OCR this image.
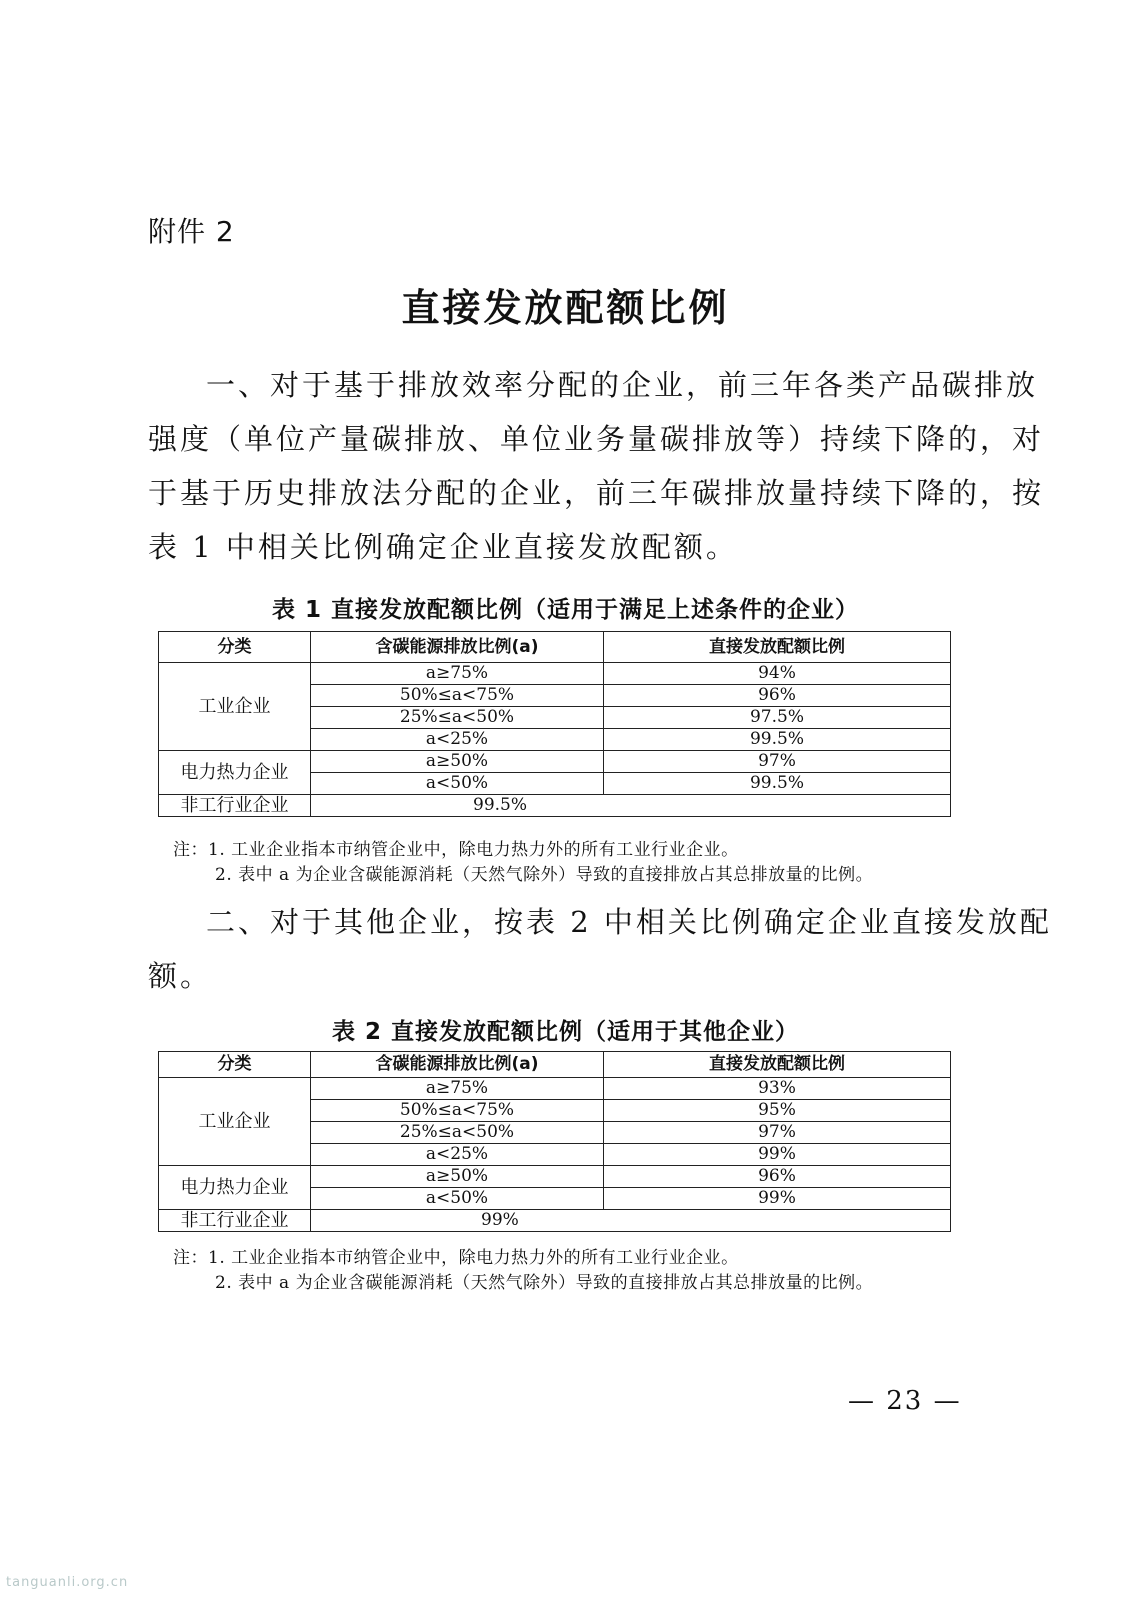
附件 2
直接发放配额比例

一、对于基于排放效率分配的企业，前三年各类产品碳排放
强度（单位产量碳排放、单位业务量碳排放等）持续下降的，对
于基于历史排放法分配的企业，前三年碳排放量持续下降的，按
表 1 中相关比例确定企业直接发放配额。

表 1 直接发放配额比例（适用于满足上述条件的企业）
分类	含碳能源排放比例(a)	直接发放配额比例
工业企业	a≥75%	94%
	50%≤a<75%	96%
	25%≤a<50%	97.5%
	a<25%	99.5%
电力热力企业	a≥50%	97%
	a<50%	99.5%
非工行业企业	99.5%	
注：1. 工业企业指本市纳管企业中，除电力热力外的所有工业行业企业。
2. 表中 a 为企业含碳能源消耗（天然气除外）导致的直接排放占其总排放量的比例。

二、对于其他企业，按表 2 中相关比例确定企业直接发放配
额。

表 2 直接发放配额比例（适用于其他企业）
分类	含碳能源排放比例(a)	直接发放配额比例
工业企业	a≥75%	93%
	50%≤a<75%	95%
	25%≤a<50%	97%
	a<25%	99%
电力热力企业	a≥50%	96%
	a<50%	99%
非工行业企业	99%	
注：1. 工业企业指本市纳管企业中，除电力热力外的所有工业行业企业。
2. 表中 a 为企业含碳能源消耗（天然气除外）导致的直接排放占其总排放量的比例。
— 23 —
tanguanli.org.cn
